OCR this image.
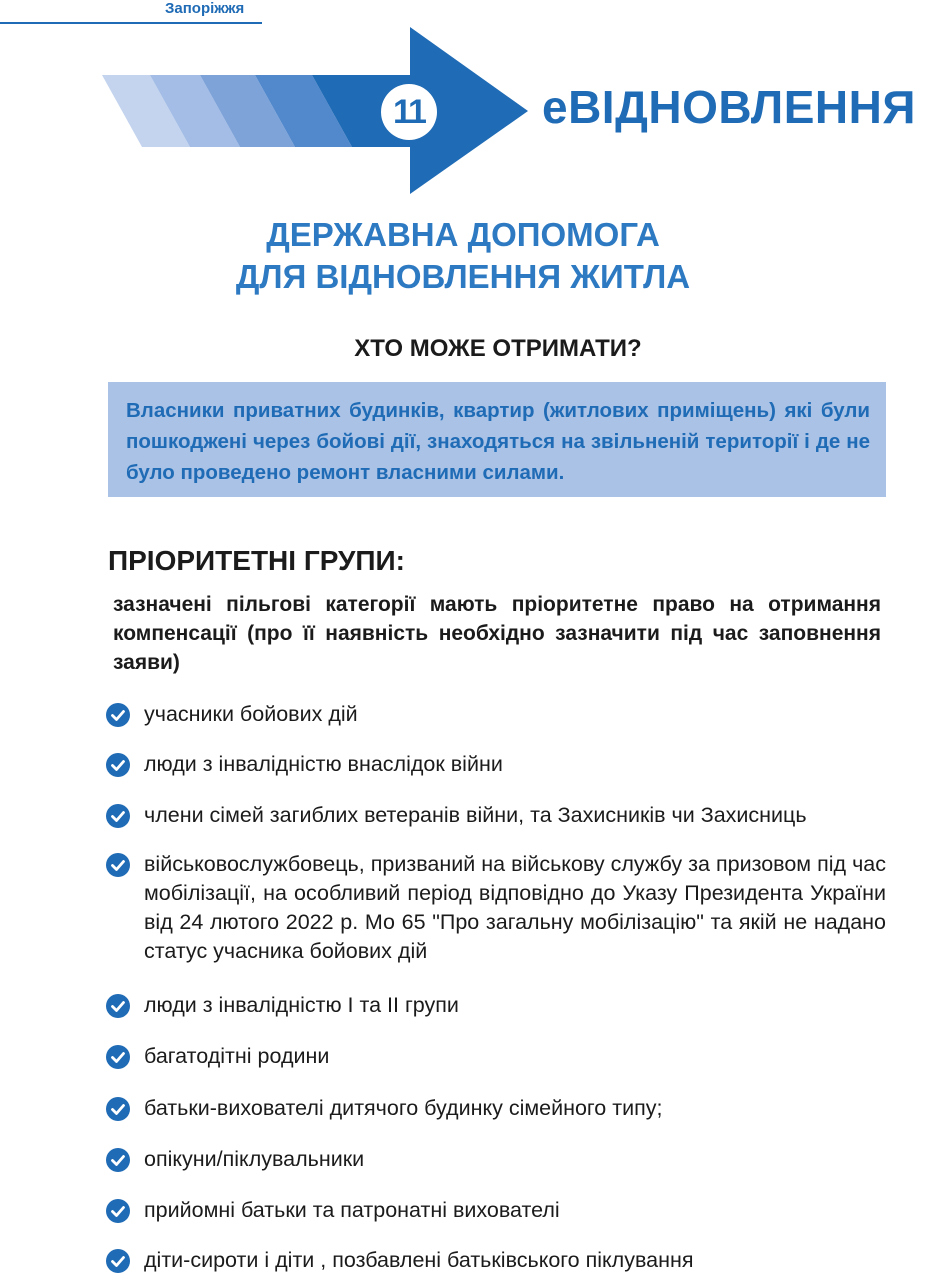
Запоріжжя
11	еВІДНОВЛЕННЯ
ДЕРЖАВНА ДОПОМОГА
ДЛЯ ВІДНОВЛЕННЯ ЖИТЛА
ХТО МОЖЕ ОТРИМАТИ?
Власники приватних будинків, квартир (житлових приміщень) які були пошкоджені через бойові дії, знаходяться на звільненій території і де не було проведено ремонт власними силами.
ПРІОРИТЕТНІ ГРУПИ:
зазначені пільгові категорії мають пріоритетне право на отримання компенсації (про її наявність необхідно зазначити під час заповнення заяви)
учасники бойових дій
люди з інвалідністю внаслідок війни
члени сімей загиблих ветеранів війни, та Захисників чи Захисниць
військовослужбовець, призваний на військову службу за призовом під час мобілізації, на особливий період відповідно до Указу Президента України від 24 лютого 2022 р. Мо 65 "Про загальну мобілізацію" та якій не надано статус учасника бойових дій
люди з інвалідністю I та II групи
багатодітні родини
батьки-вихователі дитячого будинку сімейного типу;
опікуни/піклувальники
прийомні батьки та патронатні вихователі
діти-сироти і діти , позбавлені батьківського піклування
